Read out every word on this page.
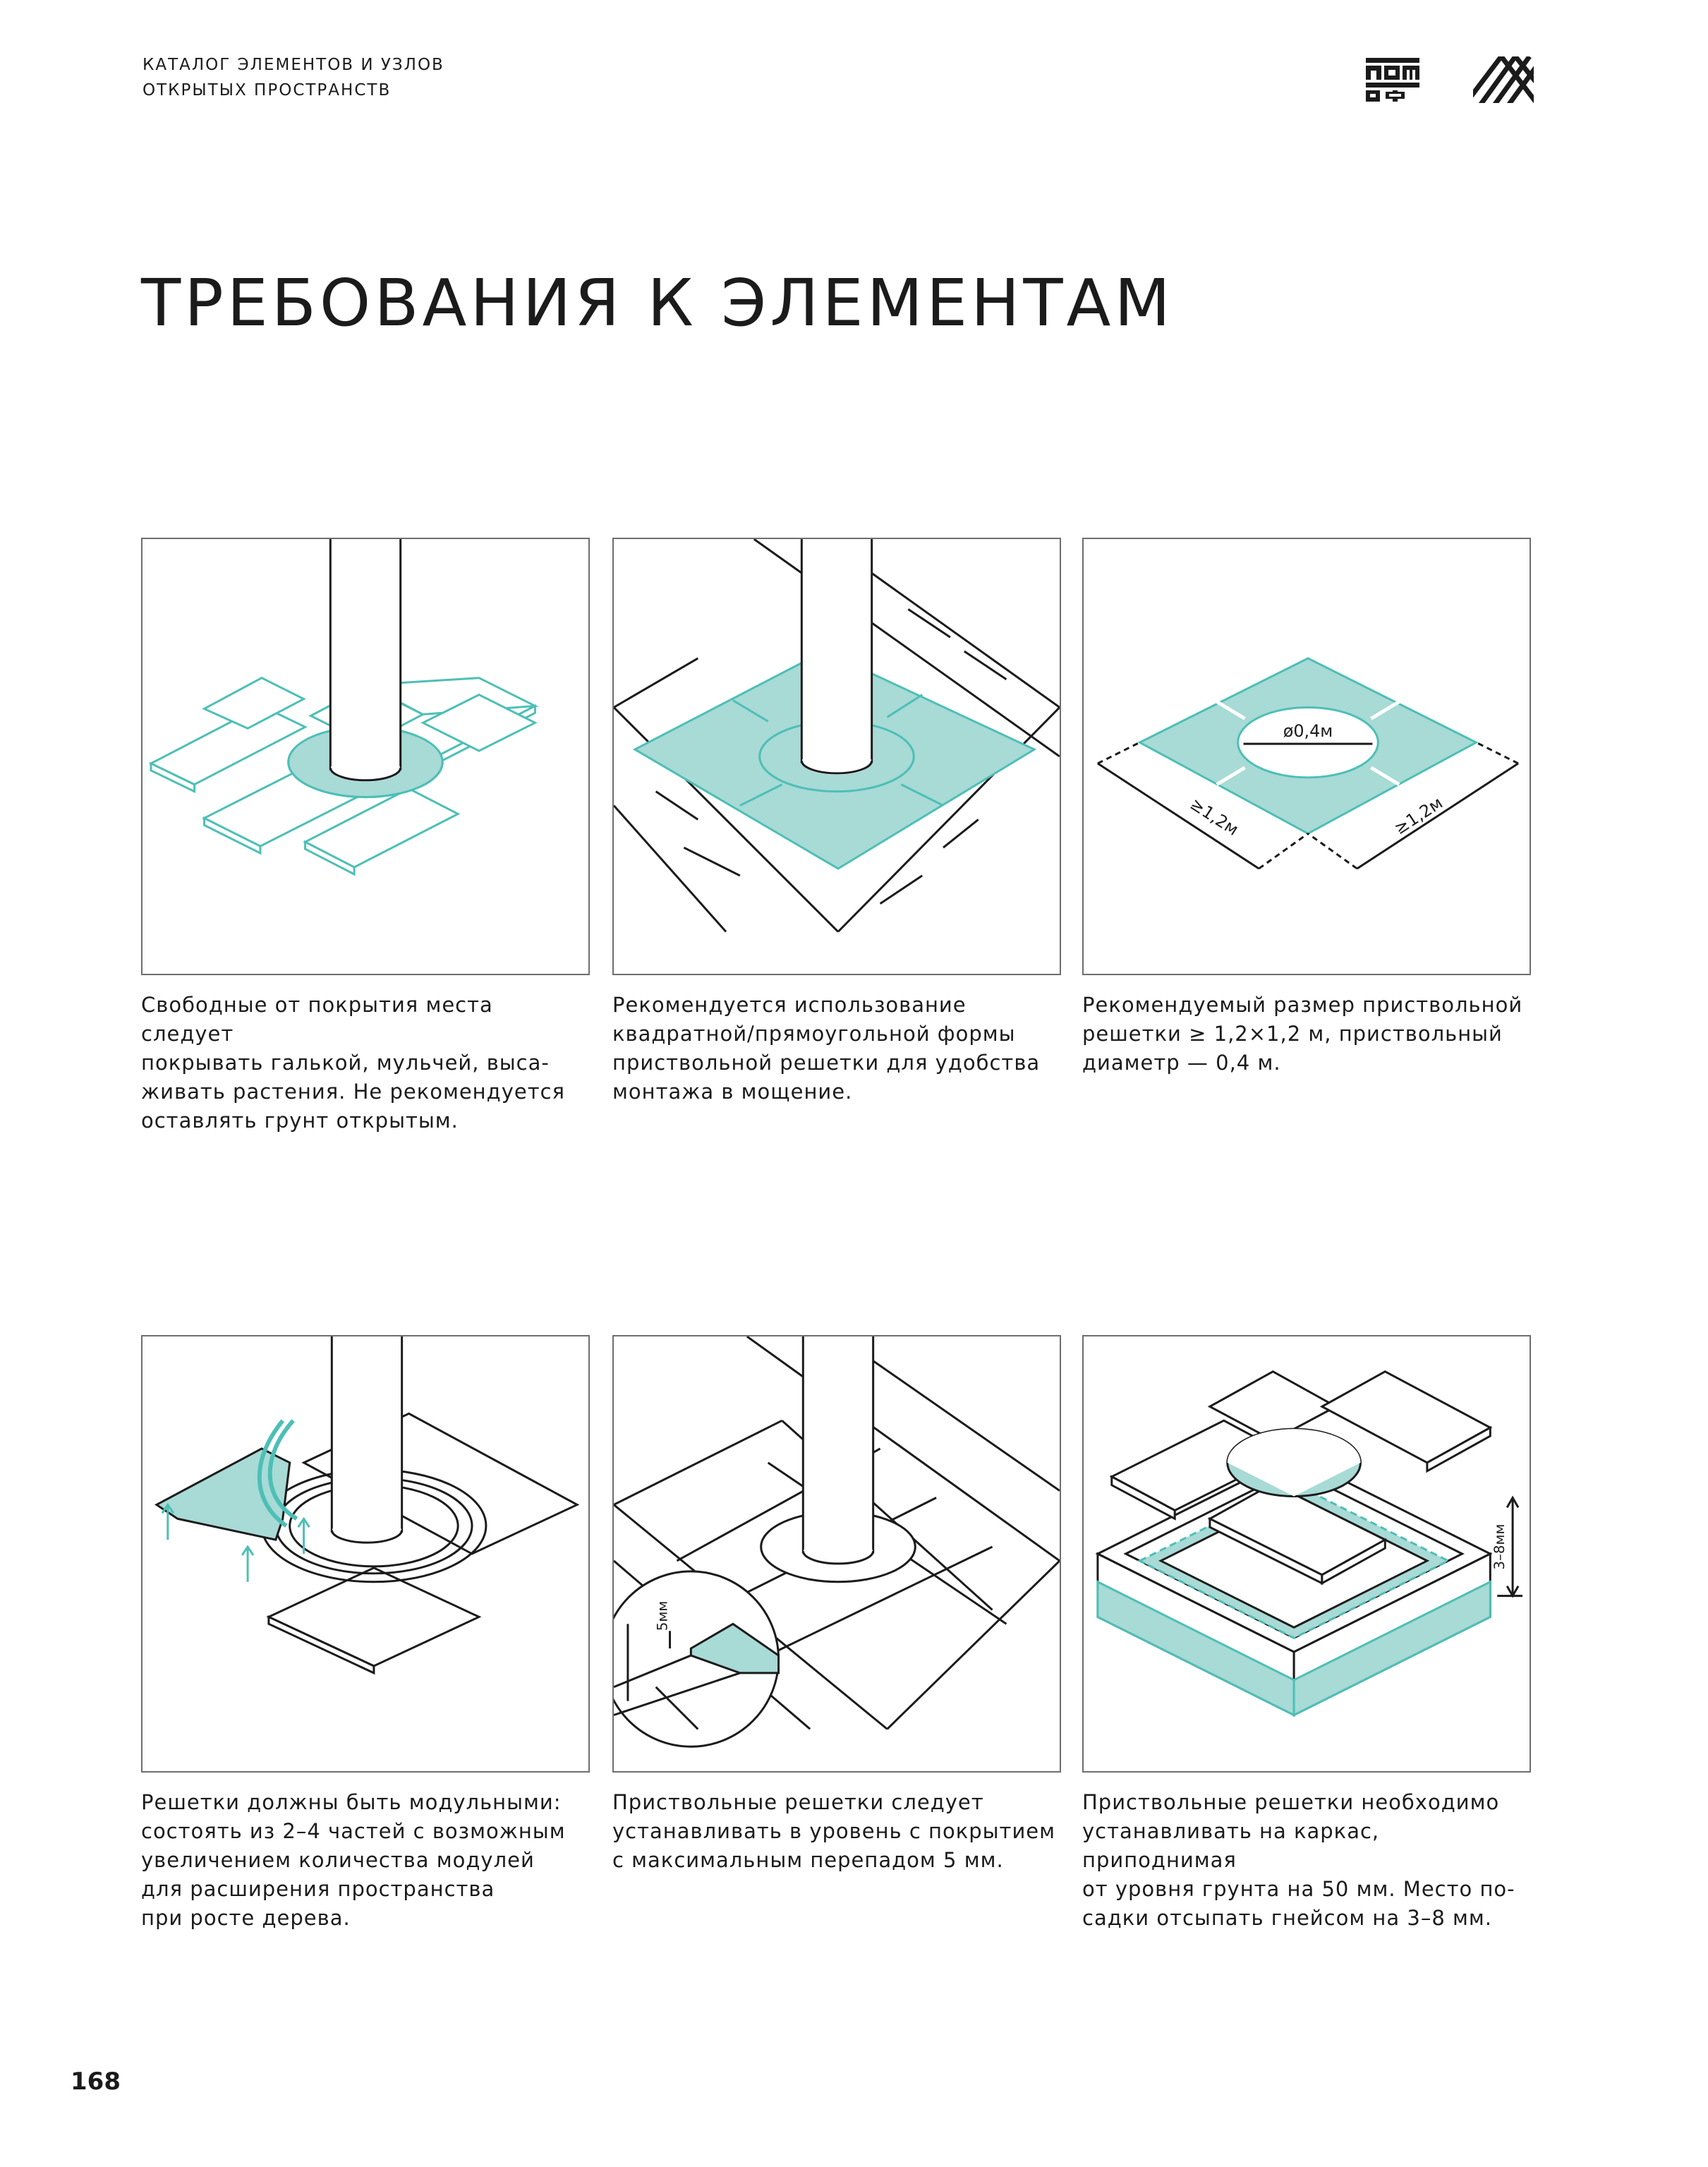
КАТАЛОГ ЭЛЕМЕНТОВ И УЗЛОВ
ОТКРЫТЫХ ПРОСТРАНСТВ
ТРЕБОВАНИЯ К ЭЛЕМЕНТАМ
ø0,4м
≥1,2м	≥1,2м
5мм
3–8мм
Свободные от покрытия места следует
покрывать галькой, мульчей, выса-
живать растения. Не рекомендуется
оставлять грунт открытым.
Рекомендуется использование
квадратной/прямоугольной формы
приствольной решетки для удобства
монтажа в мощение.
Рекомендуемый размер приствольной
решетки ≥ 1,2×1,2 м, приствольный
диаметр — 0,4 м.
Решетки должны быть модульными:
состоять из 2–4 частей с возможным
увеличением количества модулей
для расширения пространства
при росте дерева.
Приствольные решетки следует
устанавливать в уровень с покрытием
с максимальным перепадом 5 мм.
Приствольные решетки необходимо
устанавливать на каркас, приподнимая
от уровня грунта на 50 мм. Место по-
садки отсыпать гнейсом на 3–8 мм.
168
